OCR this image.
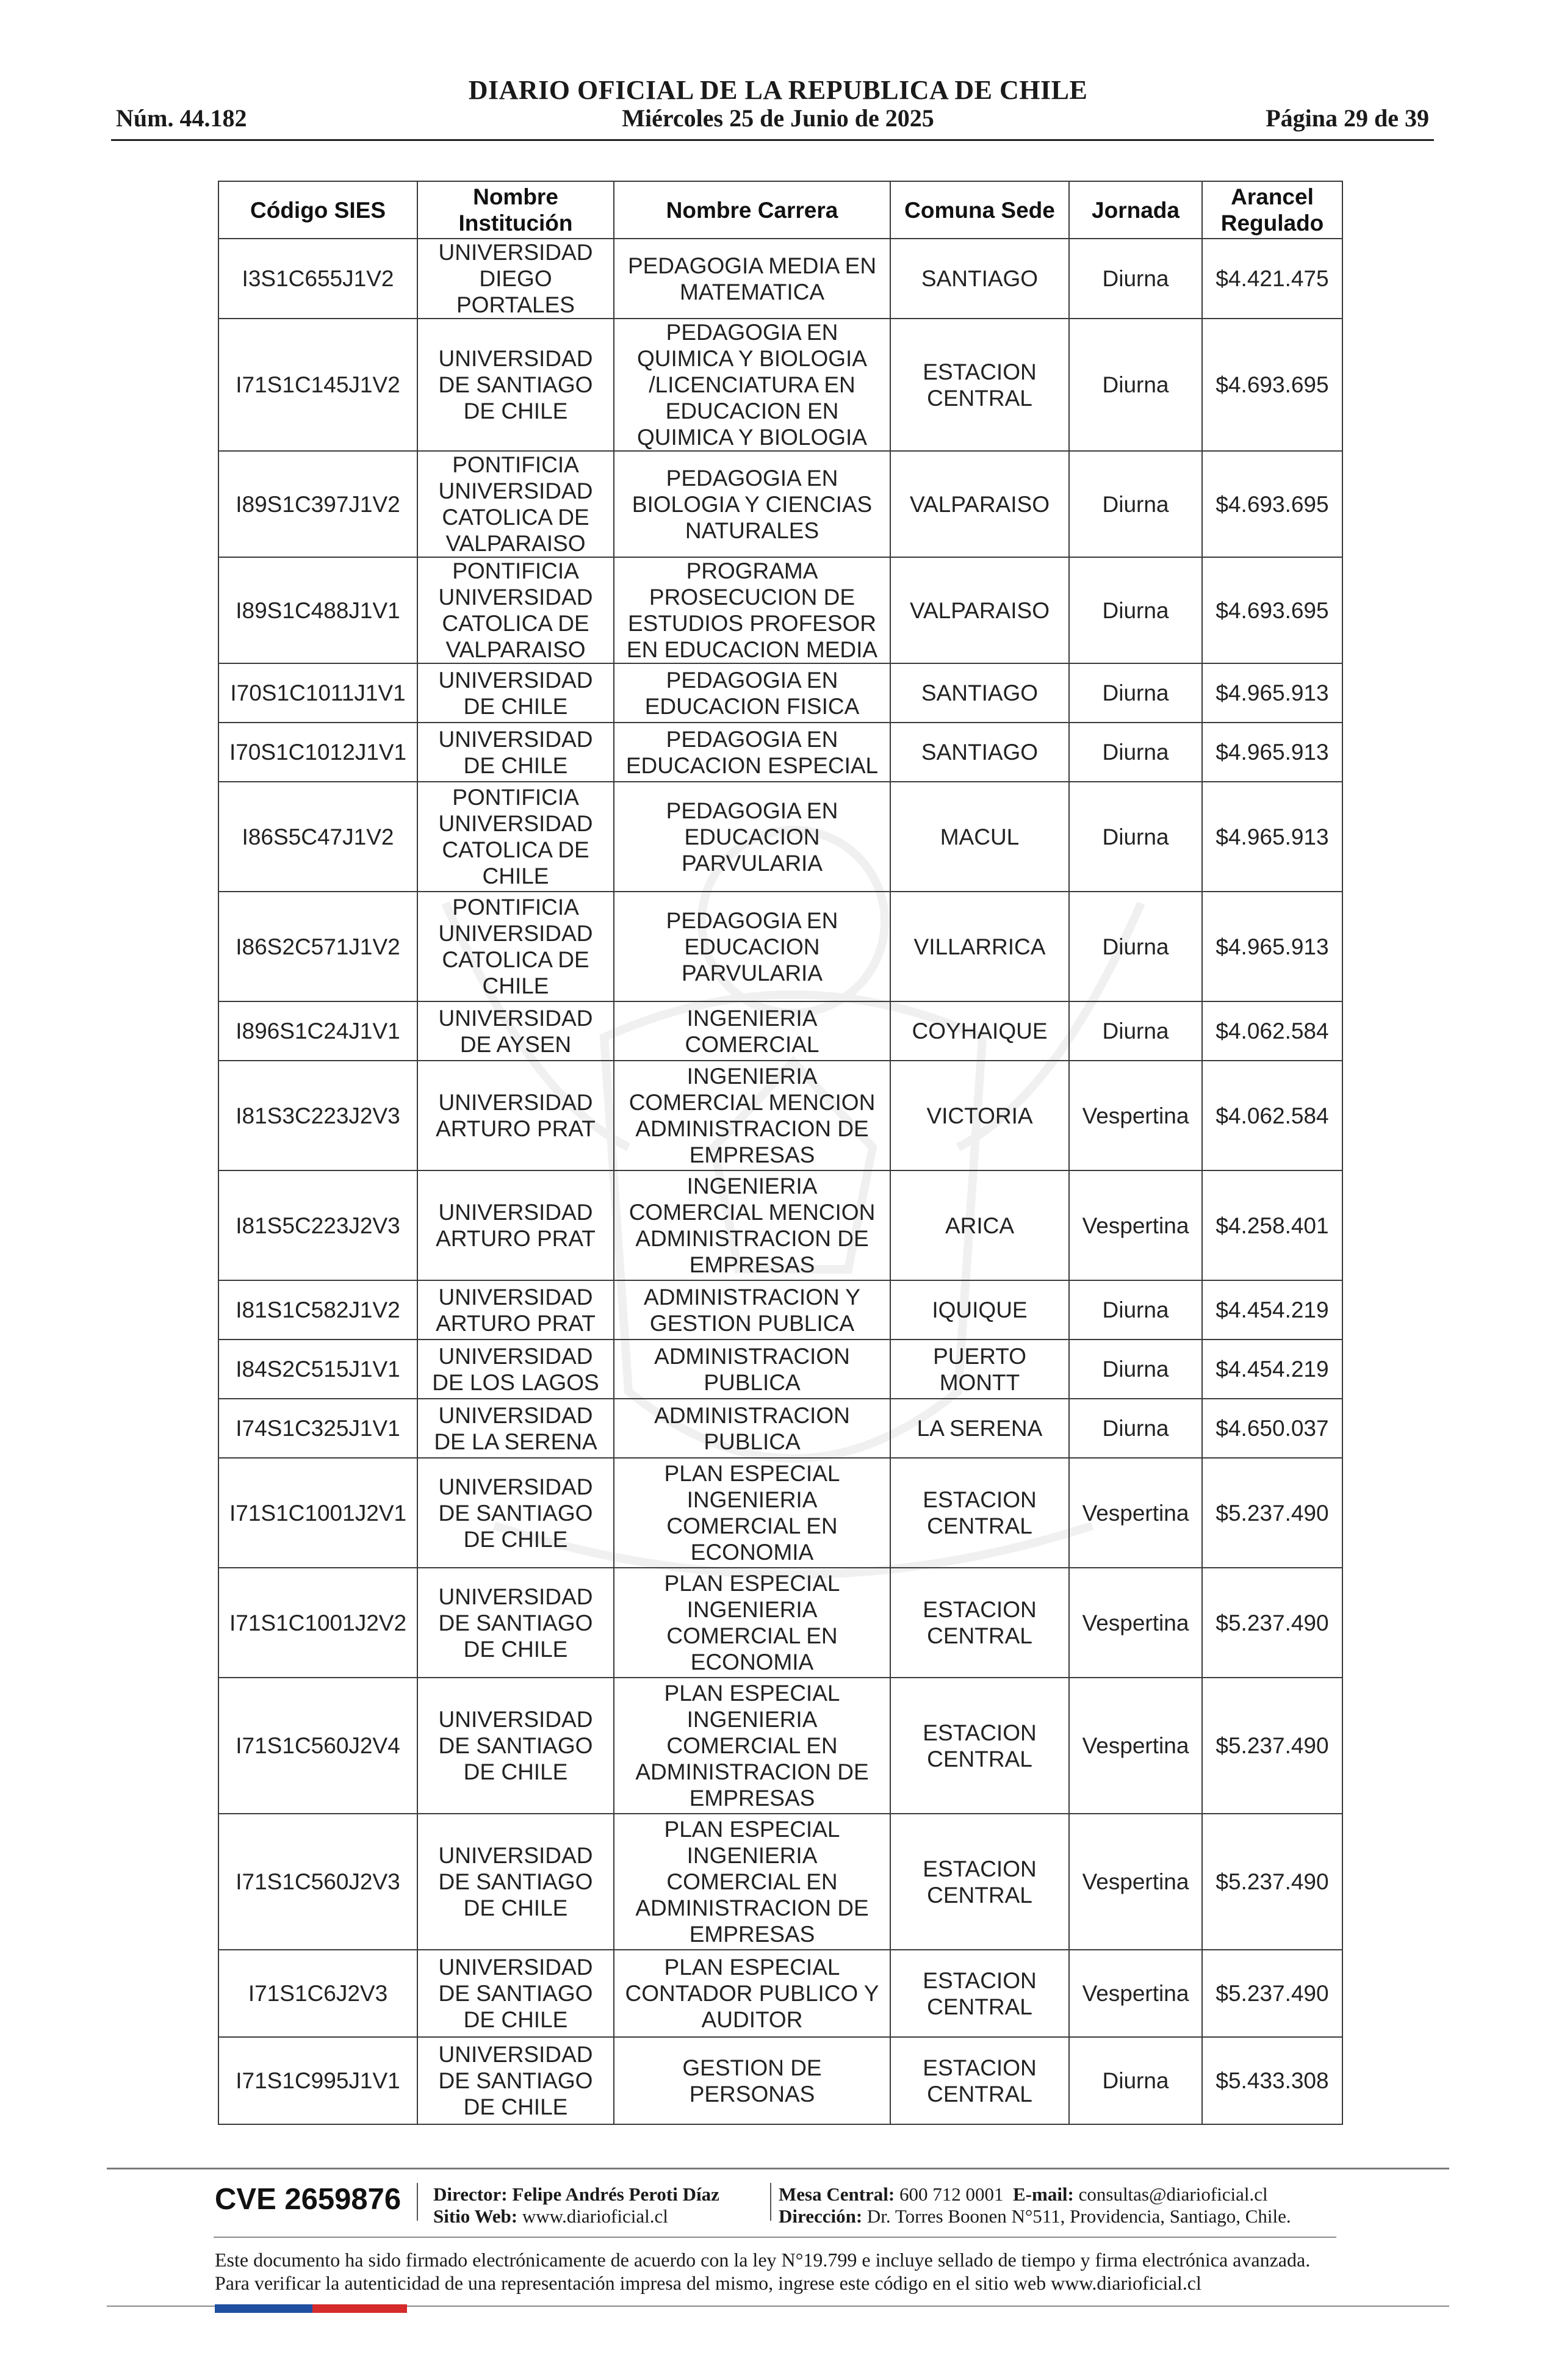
DIARIO OFICIAL DE LA REPUBLICA DE CHILE
Núm. 44.182	Miércoles 25 de Junio de 2025	Página 29 de 39
Código SIES	Nombre Institución	Nombre Carrera	Comuna Sede	Jornada	Arancel Regulado
I3S1C655J1V2	UNIVERSIDAD DIEGO PORTALES	PEDAGOGIA MEDIA EN MATEMATICA	SANTIAGO	Diurna	$4.421.475
I71S1C145J1V2	UNIVERSIDAD DE SANTIAGO DE CHILE	PEDAGOGIA EN QUIMICA Y BIOLOGIA /LICENCIATURA EN EDUCACION EN QUIMICA Y BIOLOGIA	ESTACION CENTRAL	Diurna	$4.693.695
I89S1C397J1V2	PONTIFICIA UNIVERSIDAD CATOLICA DE VALPARAISO	PEDAGOGIA EN BIOLOGIA Y CIENCIAS NATURALES	VALPARAISO	Diurna	$4.693.695
I89S1C488J1V1	PONTIFICIA UNIVERSIDAD CATOLICA DE VALPARAISO	PROGRAMA PROSECUCION DE ESTUDIOS PROFESOR EN EDUCACION MEDIA	VALPARAISO	Diurna	$4.693.695
I70S1C1011J1V1	UNIVERSIDAD DE CHILE	PEDAGOGIA EN EDUCACION FISICA	SANTIAGO	Diurna	$4.965.913
I70S1C1012J1V1	UNIVERSIDAD DE CHILE	PEDAGOGIA EN EDUCACION ESPECIAL	SANTIAGO	Diurna	$4.965.913
I86S5C47J1V2	PONTIFICIA UNIVERSIDAD CATOLICA DE CHILE	PEDAGOGIA EN EDUCACION PARVULARIA	MACUL	Diurna	$4.965.913
I86S2C571J1V2	PONTIFICIA UNIVERSIDAD CATOLICA DE CHILE	PEDAGOGIA EN EDUCACION PARVULARIA	VILLARRICA	Diurna	$4.965.913
I896S1C24J1V1	UNIVERSIDAD DE AYSEN	INGENIERIA COMERCIAL	COYHAIQUE	Diurna	$4.062.584
I81S3C223J2V3	UNIVERSIDAD ARTURO PRAT	INGENIERIA COMERCIAL MENCION ADMINISTRACION DE EMPRESAS	VICTORIA	Vespertina	$4.062.584
I81S5C223J2V3	UNIVERSIDAD ARTURO PRAT	INGENIERIA COMERCIAL MENCION ADMINISTRACION DE EMPRESAS	ARICA	Vespertina	$4.258.401
I81S1C582J1V2	UNIVERSIDAD ARTURO PRAT	ADMINISTRACION Y GESTION PUBLICA	IQUIQUE	Diurna	$4.454.219
I84S2C515J1V1	UNIVERSIDAD DE LOS LAGOS	ADMINISTRACION PUBLICA	PUERTO MONTT	Diurna	$4.454.219
I74S1C325J1V1	UNIVERSIDAD DE LA SERENA	ADMINISTRACION PUBLICA	LA SERENA	Diurna	$4.650.037
I71S1C1001J2V1	UNIVERSIDAD DE SANTIAGO DE CHILE	PLAN ESPECIAL INGENIERIA COMERCIAL EN ECONOMIA	ESTACION CENTRAL	Vespertina	$5.237.490
I71S1C1001J2V2	UNIVERSIDAD DE SANTIAGO DE CHILE	PLAN ESPECIAL INGENIERIA COMERCIAL EN ECONOMIA	ESTACION CENTRAL	Vespertina	$5.237.490
I71S1C560J2V4	UNIVERSIDAD DE SANTIAGO DE CHILE	PLAN ESPECIAL INGENIERIA COMERCIAL EN ADMINISTRACION DE EMPRESAS	ESTACION CENTRAL	Vespertina	$5.237.490
I71S1C560J2V3	UNIVERSIDAD DE SANTIAGO DE CHILE	PLAN ESPECIAL INGENIERIA COMERCIAL EN ADMINISTRACION DE EMPRESAS	ESTACION CENTRAL	Vespertina	$5.237.490
I71S1C6J2V3	UNIVERSIDAD DE SANTIAGO DE CHILE	PLAN ESPECIAL CONTADOR PUBLICO Y AUDITOR	ESTACION CENTRAL	Vespertina	$5.237.490
I71S1C995J1V1	UNIVERSIDAD DE SANTIAGO DE CHILE	GESTION DE PERSONAS	ESTACION CENTRAL	Diurna	$5.433.308
CVE 2659876 Director: Felipe Andrés Peroti Díaz
Sitio Web: www.diarioficial.cl
Mesa Central: 600 712 0001 E-mail: consultas@diarioficial.cl
Dirección: Dr. Torres Boonen N°511, Providencia, Santiago, Chile.
Este documento ha sido firmado electrónicamente de acuerdo con la ley N°19.799 e incluye sellado de tiempo y firma electrónica avanzada. Para verificar la autenticidad de una representación impresa del mismo, ingrese este código en el sitio web www.diarioficial.cl
